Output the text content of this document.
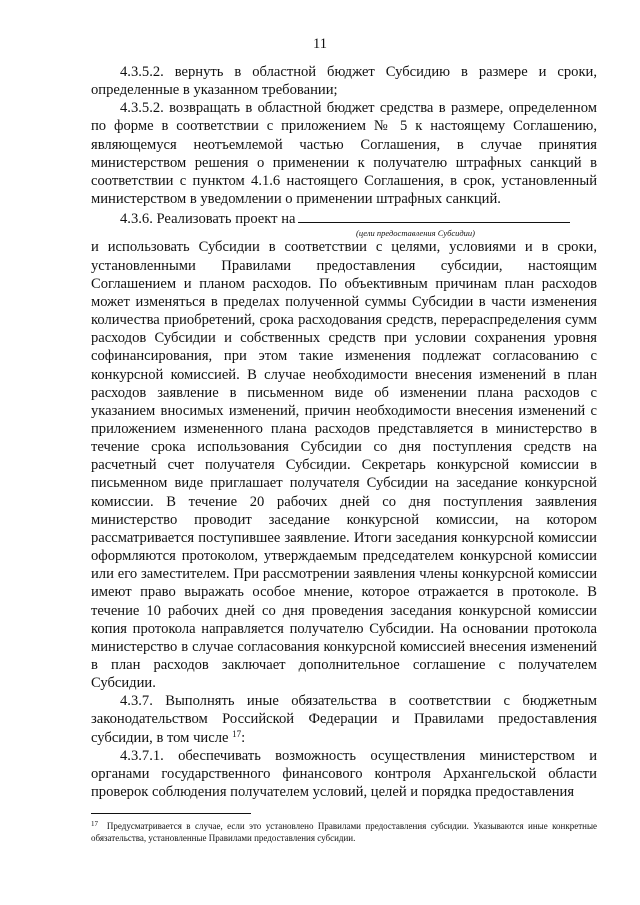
11

4.3.5.2. вернуть в областной бюджет Субсидию в размере и сроки, определенные в указанном требовании;

4.3.5.2. возвращать в областной бюджет средства в размере, определенном по форме в соответствии с приложением № 5 к настоящему Соглашению, являющемуся неотъемлемой частью Соглашения, в случае принятия министерством решения о применении к получателю штрафных санкций в соответствии с пунктом 4.1.6 настоящего Соглашения, в срок, установленный министерством в уведомлении о применении штрафных санкций.

4.3.6. Реализовать проект на

(цели предоставления Субсидии)

и использовать Субсидии в соответствии с целями, условиями и в сроки, установленными Правилами предоставления субсидии, настоящим Соглашением и планом расходов. По объективным причинам план расходов может изменяться в пределах полученной суммы Субсидии в части изменения количества приобретений, срока расходования средств, перераспределения сумм расходов Субсидии и собственных средств при условии сохранения уровня софинансирования, при этом такие изменения подлежат согласованию с конкурсной комиссией. В случае необходимости внесения изменений в план расходов заявление в письменном виде об изменении плана расходов с указанием вносимых изменений, причин необходимости внесения изменений с приложением измененного плана расходов представляется в министерство в течение срока использования Субсидии со дня поступления средств на расчетный счет получателя Субсидии. Секретарь конкурсной комиссии в письменном виде приглашает получателя Субсидии на заседание конкурсной комиссии. В течение 20 рабочих дней со дня поступления заявления министерство проводит заседание конкурсной комиссии, на котором рассматривается поступившее заявление. Итоги заседания конкурсной комиссии оформляются протоколом, утверждаемым председателем конкурсной комиссии или его заместителем. При рассмотрении заявления члены конкурсной комиссии имеют право выражать особое мнение, которое отражается в протоколе. В течение 10 рабочих дней со дня проведения заседания конкурсной комиссии копия протокола направляется получателю Субсидии. На основании протокола министерство в случае согласования конкурсной комиссией внесения изменений в план расходов заключает дополнительное соглашение с получателем Субсидии.

4.3.7. Выполнять иные обязательства в соответствии с бюджетным законодательством Российской Федерации и Правилами предоставления субсидии, в том числе $^{17}$:

4.3.7.1. обеспечивать возможность осуществления министерством и органами государственного финансового контроля Архангельской области проверок соблюдения получателем условий, целей и порядка предоставления

$^{17}$ Предусматривается в случае, если это установлено Правилами предоставления субсидии. Указываются иные конкретные обязательства, установленные Правилами предоставления субсидии.
